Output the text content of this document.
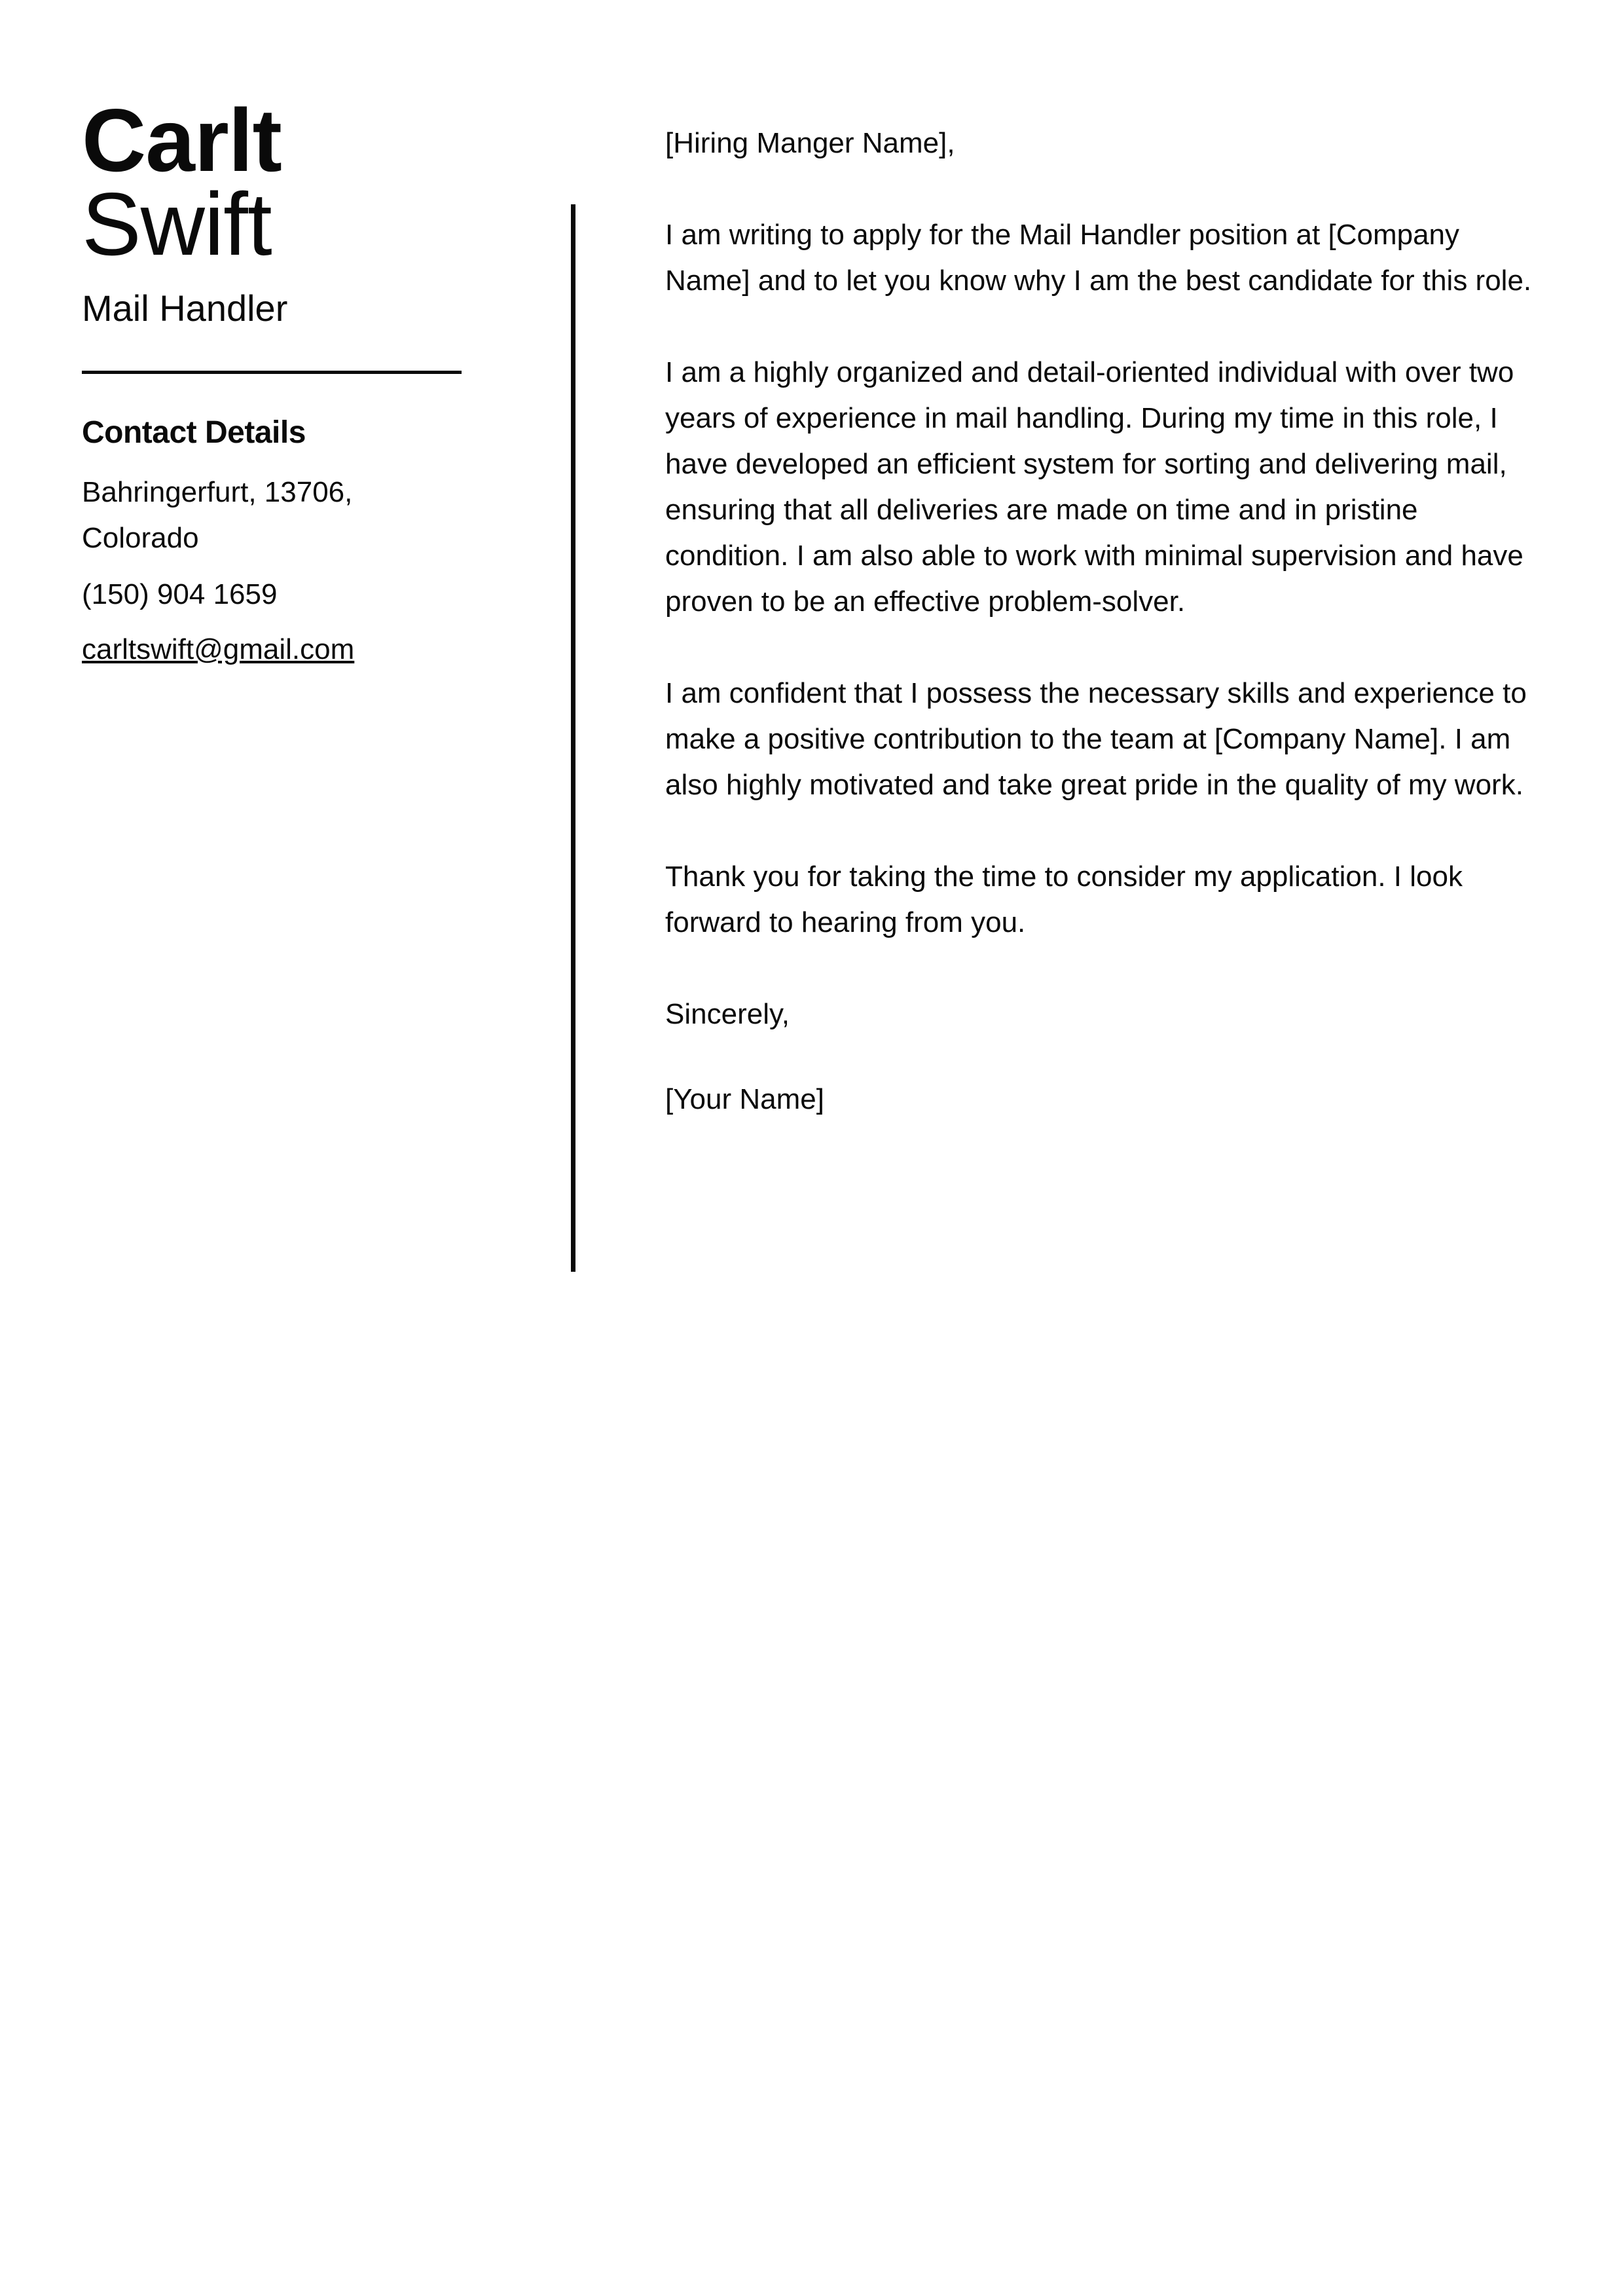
Carlt
Swift
Mail Handler
Contact Details
Bahringerfurt, 13706, Colorado
(150) 904 1659
carltswift@gmail.com

[Hiring Manger Name],

I am writing to apply for the Mail Handler position at [Company Name] and to let you know why I am the best candidate for this role.

I am a highly organized and detail-oriented individual with over two years of experience in mail handling. During my time in this role, I have developed an efficient system for sorting and delivering mail, ensuring that all deliveries are made on time and in pristine condition. I am also able to work with minimal supervision and have proven to be an effective problem-solver.

I am confident that I possess the necessary skills and experience to make a positive contribution to the team at [Company Name]. I am also highly motivated and take great pride in the quality of my work.

Thank you for taking the time to consider my application. I look forward to hearing from you.

Sincerely,

[Your Name]
